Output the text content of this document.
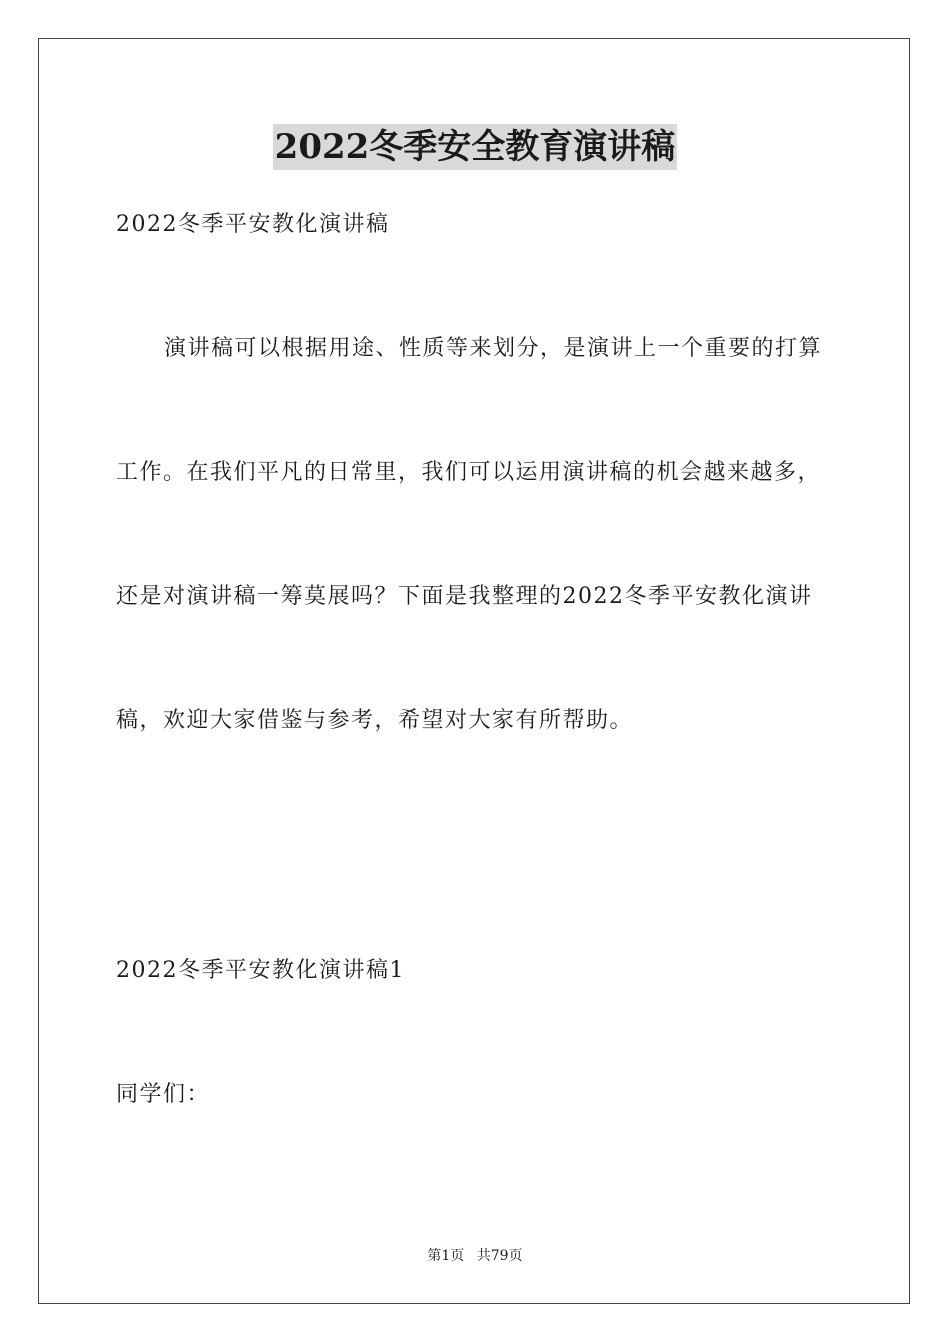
2022冬季安全教育演讲稿
2022冬季平安教化演讲稿
演讲稿可以根据用途、性质等来划分，是演讲上一个重要的打算
工作。在我们平凡的日常里，我们可以运用演讲稿的机会越来越多，
还是对演讲稿一筹莫展吗？下面是我整理的2022冬季平安教化演讲
稿，欢迎大家借鉴与参考，希望对大家有所帮助。
2022冬季平安教化演讲稿1
同学们：
第1页 共79页
